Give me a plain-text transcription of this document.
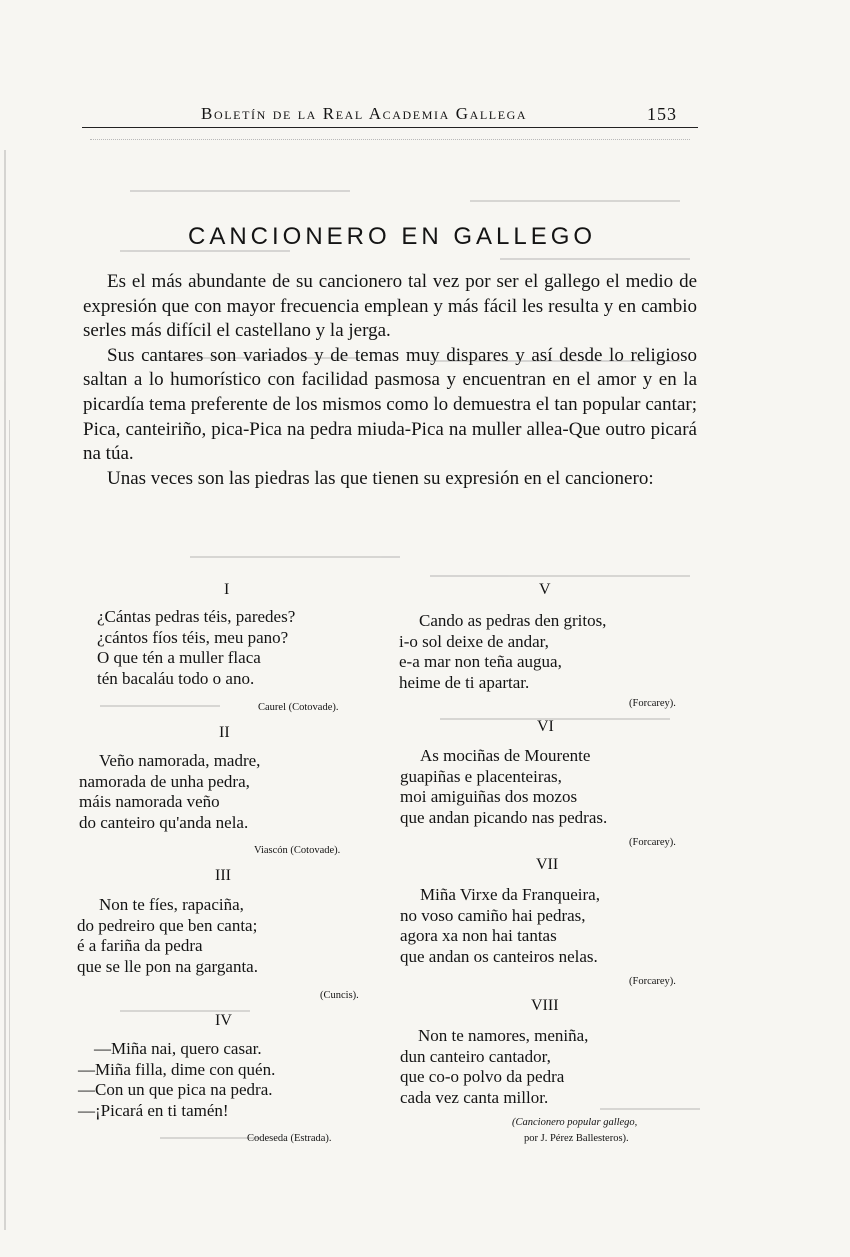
Boletín de la Real Academia Gallega	153
CANCIONERO EN GALLEGO

Es el más abundante de su cancionero tal vez por ser el gallego el medio de expresión que con mayor frecuencia emplean y más fácil les resulta y en cambio serles más difícil el castellano y la jerga.

Sus cantares son variados y de temas muy dispares y así desde lo religioso saltan a lo humorístico con facilidad pasmosa y encuentran en el amor y en la picardía tema preferente de los mismos como lo demuestra el tan popular cantar; Pica, canteiriño, pica-Pica na pedra miuda-Pica na muller allea-Que outro picará na túa.

Unas veces son las piedras las que tienen su expresión en el cancionero:

I
¿Cántas pedras téis, paredes?
¿cántos fíos téis, meu pano?
O que tén a muller flaca
tén bacaláu todo o ano.
Caurel (Cotovade).
II
Veño namorada, madre,
namorada de unha pedra,
máis namorada veño
do canteiro qu'anda nela.
Viascón (Cotovade).
III
Non te fíes, rapaciña,
do pedreiro que ben canta;
é a fariña da pedra
que se lle pon na garganta.
(Cuncis).
IV
—Miña nai, quero casar.
—Miña filla, dime con quén.
—Con un que pica na pedra.
—¡Picará en ti tamén!
Codeseda (Estrada).
V
Cando as pedras den gritos,
i-o sol deixe de andar,
e-a mar non teña augua,
heime de ti apartar.
(Forcarey).
VI
As mociñas de Mourente
guapiñas e placenteiras,
moi amiguiñas dos mozos
que andan picando nas pedras.
(Forcarey).
VII
Miña Virxe da Franqueira,
no voso camiño hai pedras,
agora xa non hai tantas
que andan os canteiros nelas.
(Forcarey).
VIII
Non te namores, meniña,
dun canteiro cantador,
que co-o polvo da pedra
cada vez canta millor.
(Cancionero popular gallego,
por J. Pérez Ballesteros).
